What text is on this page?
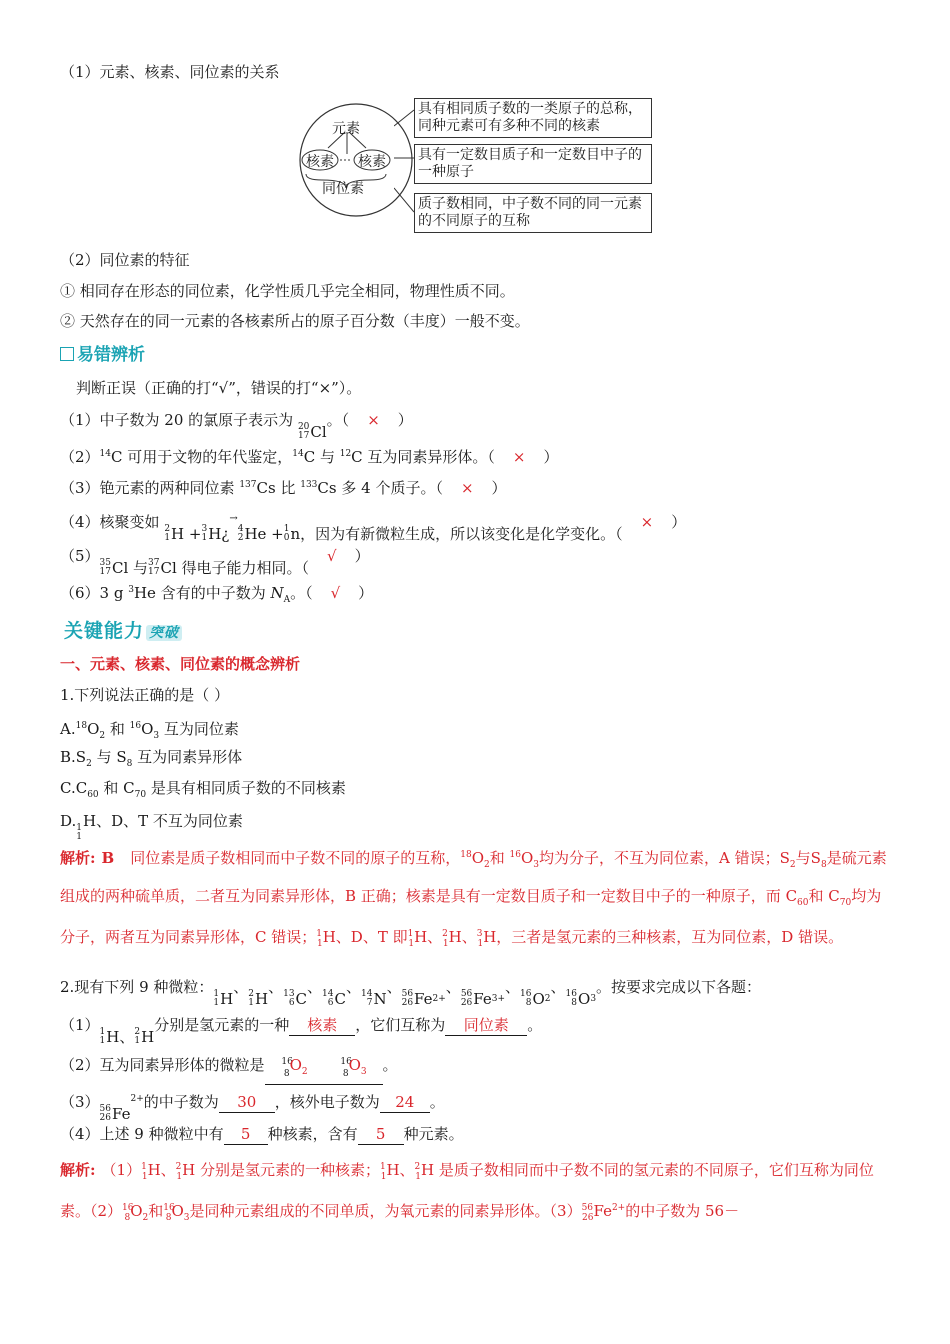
（1）元素、核素、同位素的关系
元素
核素 核素
同位素
具有相同质子数的一类原子的总称，同种元素可有多种不同的核素
具有一定数目质子和一定数目中子的一种原子
质子数相同，中子数不同的同一元素的不同原子的互称
（2）同位素的特征
① 相同存在形态的同位素，化学性质几乎完全相同，物理性质不同。
② 天然存在的同一元素的各核素所占的原子百分数（丰度）一般不变。
易错辨析
判断正误（正确的打“√”，错误的打“×”）。
（1）中子数为 20 的氯原子表示为 20
17 Cl
。（ × ）
$(2)^{14}C$ 可用于文物的年代鉴定，$^{14}$C 与 $^{12}$C 互为同素异形体。（ × ）
（3）铯元素的两种同位素 $^{137}$Cs 比 $^{133}$Cs 多 4 个质子。（ × ）
（4）核聚变如 2
1 H + 3
1 H¿
→
4
2 He + 1
0 n，因为有新微粒生成，所以该变化是化学变化。（
× ）
（5） 35
17 Cl 与 37
17 Cl 得电子能力相同。（
√ ）
（6）3 g $^3$He 含有的中子数为 $N_A$。（ √ ）
关键能力 突破
一、元素、核素、同位素的概念辨析
1.下列说法正确的是（ ）
$A.^{18}O_2$ 和 $^{16}O_3$ 互为同位素
$B.S_2$ 与 $S_8$ 互为同素异形体
$C.C_{60}$ 和 $C_{70}$ 是具有相同质子数的不同核素
D. 1
1
H、D、T 不互为同位素
解析: B 同位素是质子数相同而中子数不同的原子的互称，$^{18}O_2$和 $^{16}O_3$均为分子，不互为同位素，A 错误；$S_2$与$S_8$是硫元素组成的两种硫单质，二者互为同素异形体，B 正确；核素是具有一定数目质子和一定数目中子的一种原子，而 $C_{60}$和 $C_{70}$均为分子，两者互为同素异形体，C 错误；$^1_1$H、D、T 即$^1_1$H、$^2_1$H、$^3_1$H，三者是氢元素的三种核素，互为同位素，D 错误。
2.现有下列 9 种微粒： 1
1 H
、 2
1 H
、 13
6 C
、 14
6 C
、 14
7 N
、 56
26 Fe 2+
、 56
26 Fe 3+
、 16
8 O 2
、 16
8 O 3
。按要求完成以下各题：
（1） 1
1 H、 2
1 H
分别是氢元素的一种 核素 ，它们互称为 同位素 。
（2）互为同素异形体的微粒是 $^{16}_8O_2^{16}_8O_3$ 。
（3） 56
26 Fe
$^{2+}$的中子数为 30 ，核外电子数为 24 。
（4）上述 9 种微粒中有 5 种核素，含有 5 种元素。
解析: $(1)^1_1H$、$^2_1$H 分别是氢元素的一种核素；$^1_1$H、$^2_1$H 是质子数相同而中子数不同的氢元素的不同原子，它们互称为同位素。$(2)^{16}_8O_2$和$^{16}_8O_3$是同种元素组成的不同单质，为氧元素的同素异形体。$(3)^{56}_{26}Fe^{2+}$的中子数为 56－
